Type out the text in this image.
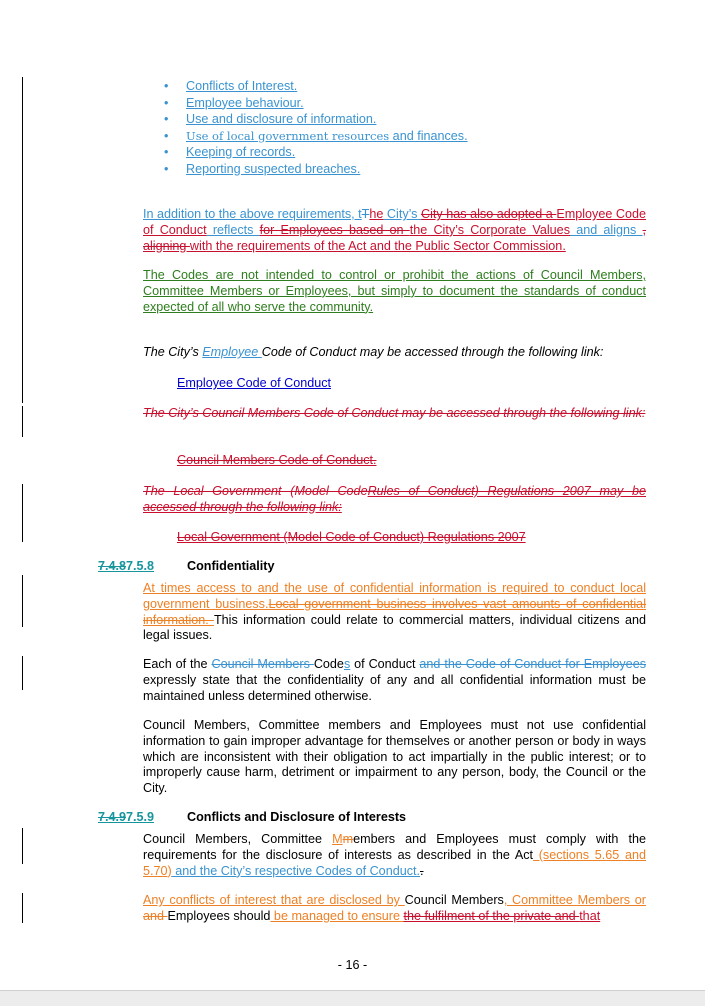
• Conflicts of Interest.
• Employee behaviour.
• Use and disclosure of information.
• Use of local government resources and finances.
• Keeping of records.
• Reporting suspected breaches.

In addition to the above requirements, tThe City’s City has also adopted a Employee Code of Conduct reflects for Employees based on the City’s Corporate Values and aligns , aligning with the requirements of the Act and the Public Sector Commission.

The Codes are not intended to control or prohibit the actions of Council Members, Committee Members or Employees, but simply to document the standards of conduct expected of all who serve the community.

The City’s Employee Code of Conduct may be accessed through the following link:

Employee Code of Conduct

The City’s Council Members Code of Conduct may be accessed through the following link:

Council Members Code of Conduct.

The Local Government (Model CodeRules of Conduct) Regulations 2007 may be accessed through the following link:

Local Government (Model Code of Conduct) Regulations 2007
7.4.87.5.8	Confidentiality

At times access to and the use of confidential information is required to conduct local government business.Local government business involves vast amounts of confidential information. This information could relate to commercial matters, individual citizens and legal issues.

Each of the Council Members Codes of Conduct and the Code of Conduct for Employees expressly state that the confidentiality of any and all confidential information must be maintained unless determined otherwise.

Council Members, Committee members and Employees must not use confidential information to gain improper advantage for themselves or another person or body in ways which are inconsistent with their obligation to act impartially in the public interest; or to improperly cause harm, detriment or impairment to any person, body, the Council or the City.

7.4.97.5.9	Conflicts and Disclosure of Interests

Council Members, Committee Mmembers and Employees must comply with the requirements for the disclosure of interests as described in the Act (sections 5.65 and 5.70) and the City’s respective Codes of Conduct..

Any conflicts of interest that are disclosed by Council Members, Committee Members or and Employees should be managed to ensure the fulfilment of the private and that

- 16 -
